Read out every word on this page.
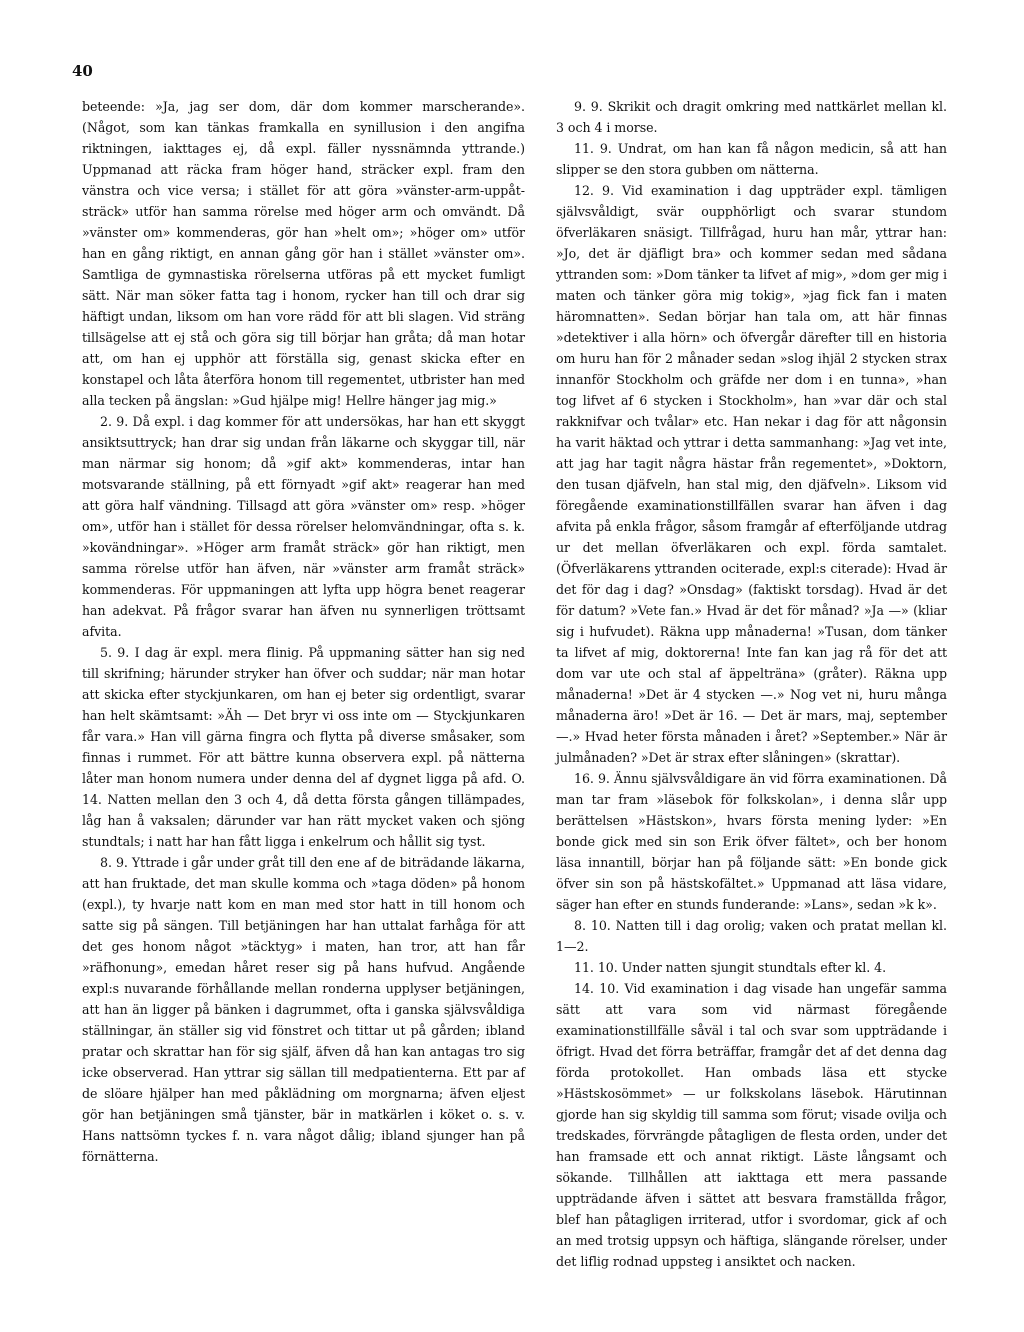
40

beteende: »Ja, jag ser dom, där dom kommer marscherande». (Något, som kan tänkas framkalla en synillusion i den angifna riktningen, iakttages ej, då expl. fäller nyssnämnda yttrande.) Uppmanad att räcka fram höger hand, sträcker expl. fram den vänstra och vice versa; i stället för att göra »vänster-arm-uppåt-sträck» utför han samma rörelse med höger arm och omvändt. Då »vänster om» kommenderas, gör han »helt om»; »höger om» utför han en gång riktigt, en annan gång gör han i stället »vänster om». Samtliga de gymnastiska rörelserna utföras på ett mycket fumligt sätt. När man söker fatta tag i honom, rycker han till och drar sig häftigt undan, liksom om han vore rädd för att bli slagen. Vid sträng tillsägelse att ej stå och göra sig till börjar han gråta; då man hotar att, om han ej upphör att förställa sig, genast skicka efter en konstapel och låta återföra honom till regementet, utbrister han med alla tecken på ängslan: »Gud hjälpe mig! Hellre hänger jag mig.»

2. 9. Då expl. i dag kommer för att undersökas, har han ett skyggt ansiktsuttryck; han drar sig undan från läkarne och skyggar till, när man närmar sig honom; då »gif akt» kommenderas, intar han motsvarande ställning, på ett förnyadt »gif akt» reagerar han med att göra half vändning. Tillsagd att göra »vänster om» resp. »höger om», utför han i stället för dessa rörelser helomvändningar, ofta s. k. »kovändningar». »Höger arm framåt sträck» gör han riktigt, men samma rörelse utför han äfven, när »vänster arm framåt sträck» kommenderas. För uppmaningen att lyfta upp högra benet reagerar han adekvat. På frågor svarar han äfven nu synnerligen tröttsamt afvita.

5. 9. I dag är expl. mera flinig. På uppmaning sätter han sig ned till skrifning; härunder stryker han öfver och suddar; när man hotar att skicka efter styckjunkaren, om han ej beter sig ordentligt, svarar han helt skämtsamt: »Äh — Det bryr vi oss inte om — Styckjunkaren får vara.» Han vill gärna fingra och flytta på diverse småsaker, som finnas i rummet. För att bättre kunna observera expl. på nätterna låter man honom numera under denna del af dygnet ligga på afd. O. 14. Natten mellan den 3 och 4, då detta första gången tillämpades, låg han å vaksalen; därunder var han rätt mycket vaken och sjöng stundtals; i natt har han fått ligga i enkelrum och hållit sig tyst.

8. 9. Yttrade i går under gråt till den ene af de biträdande läkarna, att han fruktade, det man skulle komma och »taga döden» på honom (expl.), ty hvarje natt kom en man med stor hatt in till honom och satte sig på sängen. Till betjäningen har han uttalat farhåga för att det ges honom något »täcktyg» i maten, han tror, att han får »räfhonung», emedan håret reser sig på hans hufvud. Angående expl:s nuvarande förhållande mellan ronderna upplyser betjäningen, att han än ligger på bänken i dagrummet, ofta i ganska självsvåldiga ställningar, än ställer sig vid fönstret och tittar ut på gården; ibland pratar och skrattar han för sig själf, äfven då han kan antagas tro sig icke observerad. Han yttrar sig sällan till medpatienterna. Ett par af de slöare hjälper han med påklädning om morgnarna; äfven eljest gör han betjäningen små tjänster, bär in matkärlen i köket o. s. v. Hans nattsömn tyckes f. n. vara något dålig; ibland sjunger han på förnätterna.

9. 9. Skrikit och dragit omkring med nattkärlet mellan kl. 3 och 4 i morse.

11. 9. Undrat, om han kan få någon medicin, så att han slipper se den stora gubben om nätterna.

12. 9. Vid examination i dag uppträder expl. tämligen självsvåldigt, svär oupphörligt och svarar stundom öfverläkaren snäsigt. Tillfrågad, huru han mår, yttrar han: »Jo, det är djäfligt bra» och kommer sedan med sådana yttranden som: »Dom tänker ta lifvet af mig», »dom ger mig i maten och tänker göra mig tokig», »jag fick fan i maten häromnatten». Sedan börjar han tala om, att här finnas »detektiver i alla hörn» och öfvergår därefter till en historia om huru han för 2 månader sedan »slog ihjäl 2 stycken strax innanför Stockholm och gräfde ner dom i en tunna», »han tog lifvet af 6 stycken i Stockholm», han »var där och stal rakknifvar och tvålar» etc. Han nekar i dag för att någonsin ha varit häktad och yttrar i detta sammanhang: »Jag vet inte, att jag har tagit några hästar från regementet», »Doktorn, den tusan djäfveln, han stal mig, den djäfveln». Liksom vid föregående examinationstillfällen svarar han äfven i dag afvita på enkla frågor, såsom framgår af efterföljande utdrag ur det mellan öfverläkaren och expl. förda samtalet. (Öfverläkarens yttranden ociterade, expl:s citerade): Hvad är det för dag i dag? »Onsdag» (faktiskt torsdag). Hvad är det för datum? »Vete fan.» Hvad är det för månad? »Ja —» (kliar sig i hufvudet). Räkna upp månaderna! »Tusan, dom tänker ta lifvet af mig, doktorerna! Inte fan kan jag rå för det att dom var ute och stal af äppelträna» (gråter). Räkna upp månaderna! »Det är 4 stycken —.» Nog vet ni, huru många månaderna äro! »Det är 16. — Det är mars, maj, september —.» Hvad heter första månaden i året? »September.» När är julmånaden? »Det är strax efter slåningen» (skrattar).

16. 9. Ännu självsvåldigare än vid förra examinationen. Då man tar fram »läsebok för folkskolan», i denna slår upp berättelsen »Hästskon», hvars första mening lyder: »En bonde gick med sin son Erik öfver fältet», och ber honom läsa innantill, börjar han på följande sätt: »En bonde gick öfver sin son på hästskofältet.» Uppmanad att läsa vidare, säger han efter en stunds funderande: »Lans», sedan »k k».

8. 10. Natten till i dag orolig; vaken och pratat mellan kl. 1—2.

11. 10. Under natten sjungit stundtals efter kl. 4.

14. 10. Vid examination i dag visade han ungefär samma sätt att vara som vid närmast föregående examinationstillfälle såväl i tal och svar som uppträdande i öfrigt. Hvad det förra beträffar, framgår det af det denna dag förda protokollet. Han ombads läsa ett stycke »Hästskosömmet» — ur folkskolans läsebok. Härutinnan gjorde han sig skyldig till samma som förut; visade ovilja och tredskades, förvrängde påtagligen de flesta orden, under det han framsade ett och annat riktigt. Läste långsamt och sökande. Tillhållen att iakttaga ett mera passande uppträdande äfven i sättet att besvara framställda frågor, blef han påtagligen irriterad, utfor i svordomar, gick af och an med trotsig uppsyn och häftiga, slängande rörelser, under det liflig rodnad uppsteg i ansiktet och nacken.
